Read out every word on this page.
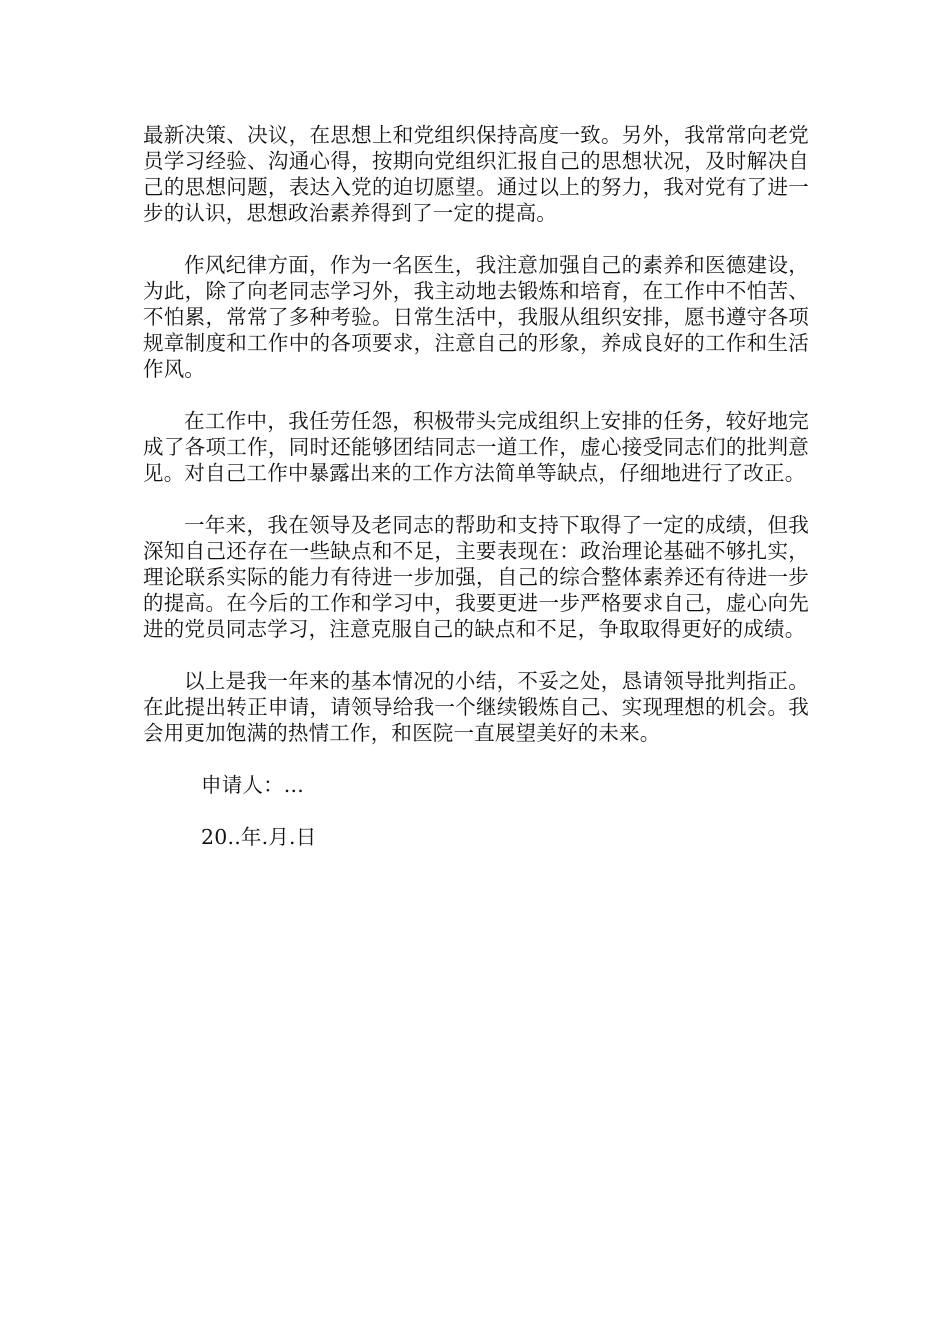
最新决策、决议，在思想上和党组织保持高度一致。另外，我常常向老党员学习经验、沟通心得，按期向党组织汇报自己的思想状况，及时解决自己的思想问题，表达入党的迫切愿望。通过以上的努力，我对党有了进一步的认识，思想政治素养得到了一定的提高。

作风纪律方面，作为一名医生，我注意加强自己的素养和医德建设，为此，除了向老同志学习外，我主动地去锻炼和培育，在工作中不怕苦、不怕累，常常了多种考验。日常生活中，我服从组织安排，愿书遵守各项规章制度和工作中的各项要求，注意自己的形象，养成良好的工作和生活作风。

在工作中，我任劳任怨，积极带头完成组织上安排的任务，较好地完成了各项工作，同时还能够团结同志一道工作，虚心接受同志们的批判意见。对自己工作中暴露出来的工作方法简单等缺点，仔细地进行了改正。

一年来，我在领导及老同志的帮助和支持下取得了一定的成绩，但我深知自己还存在一些缺点和不足，主要表现在：政治理论基础不够扎实，理论联系实际的能力有待进一步加强，自己的综合整体素养还有待进一步的提高。在今后的工作和学习中，我要更进一步严格要求自己，虚心向先进的党员同志学习，注意克服自己的缺点和不足，争取取得更好的成绩。

以上是我一年来的基本情况的小结，不妥之处，恳请领导批判指正。在此提出转正申请，请领导给我一个继续锻炼自己、实现理想的机会。我会用更加饱满的热情工作，和医院一直展望美好的未来。

申请人：...

20..年.月.日
